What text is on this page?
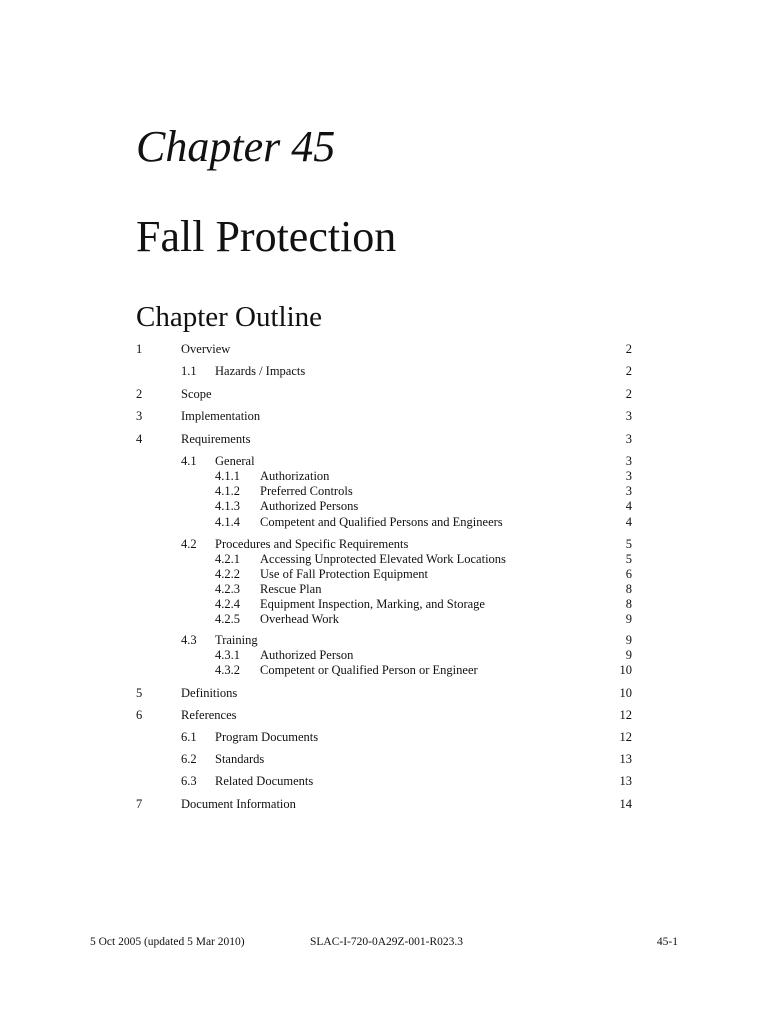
Chapter 45
Fall Protection
Chapter Outline
1	Overview	2
1.1 Hazards / Impacts	2
2	Scope	2
3	Implementation	3
4	Requirements	3
4.1 General	3
4.1.1 Authorization	3
4.1.2 Preferred Controls	3
4.1.3 Authorized Persons	4
4.1.4 Competent and Qualified Persons and Engineers	4
4.2 Procedures and Specific Requirements	5
4.2.1 Accessing Unprotected Elevated Work Locations	5
4.2.2 Use of Fall Protection Equipment	6
4.2.3 Rescue Plan	8
4.2.4 Equipment Inspection, Marking, and Storage	8
4.2.5 Overhead Work	9
4.3 Training	9
4.3.1 Authorized Person	9
4.3.2 Competent or Qualified Person or Engineer	10
5	Definitions	10
6	References	12
6.1 Program Documents	12
6.2 Standards	13
6.3 Related Documents	13
7	Document Information	14
5 Oct 2005 (updated 5 Mar 2010)	SLAC-I-720-0A29Z-001-R023.3	45-1
